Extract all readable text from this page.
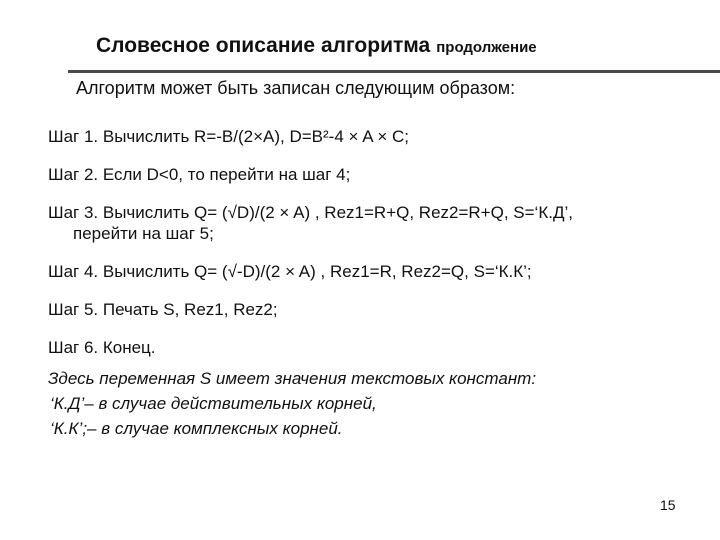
Словесное описание алгоритма продолжение
Алгоритм может быть записан следующим образом:
Шаг 1. Вычислить R=-B/(2×A), D=B²-4 × A × C;
Шаг 2. Если D<0, то перейти на шаг 4;
Шаг 3. Вычислить Q= (√D)/(2 × A) , Rez1=R+Q, Rez2=R+Q, S=‘К.Д’,
перейти на шаг 5;
Шаг 4. Вычислить Q= (√-D)/(2 × A) , Rez1=R, Rez2=Q, S=‘К.К’;
Шаг 5. Печать S, Rez1, Rez2;
Шаг 6. Конец.
Здесь переменная S имеет значения текстовых констант:
‘К.Д’– в случае действительных корней,
‘К.К’;– в случае комплексных корней.
15
